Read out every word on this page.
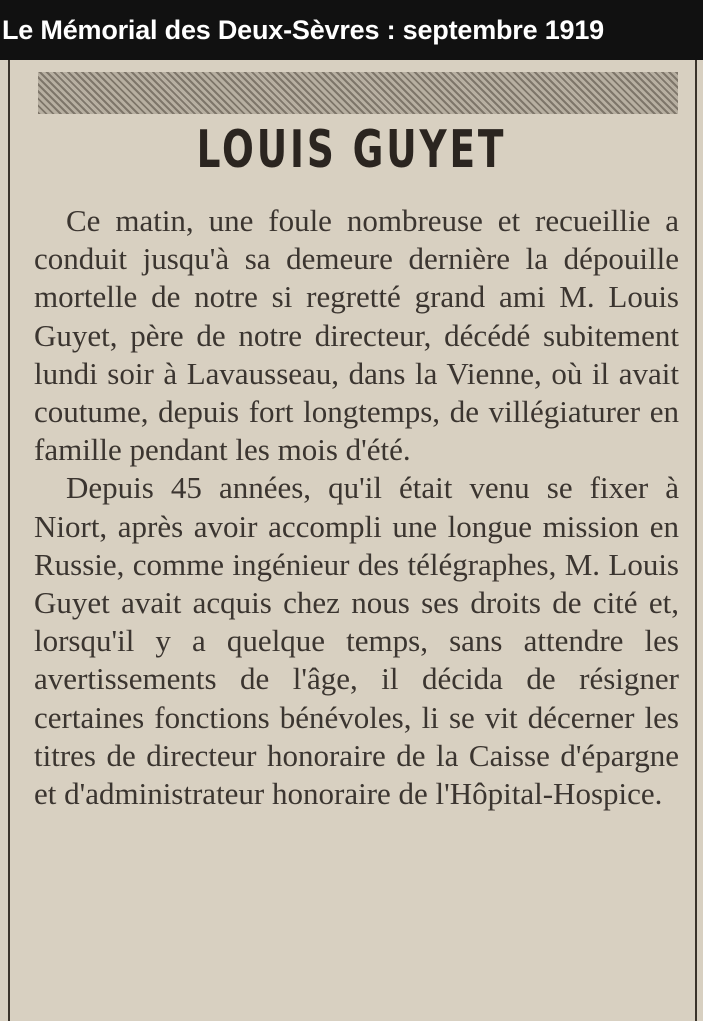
Le Mémorial des Deux-Sèvres : septembre 1919
LOUIS GUYET

Ce matin, une foule nombreuse et recueillie a conduit jusqu'à sa demeure dernière la dépouille mortelle de notre si regretté grand ami M. Louis Guyet, père de notre directeur, décédé subitement lundi soir à Lavausseau, dans la Vienne, où il avait coutume, depuis fort longtemps, de villégiaturer en famille pendant les mois d'été.

Depuis 45 années, qu'il était venu se fixer à Niort, après avoir accompli une longue mission en Russie, comme ingénieur des télégraphes, M. Louis Guyet avait acquis chez nous ses droits de cité et, lorsqu'il y a quelque temps, sans attendre les avertissements de l'âge, il décida de résigner certaines fonctions bénévoles, li se vit décerner les titres de directeur honoraire de la Caisse d'épargne et d'administrateur honoraire de l'Hôpital-Hospice.
